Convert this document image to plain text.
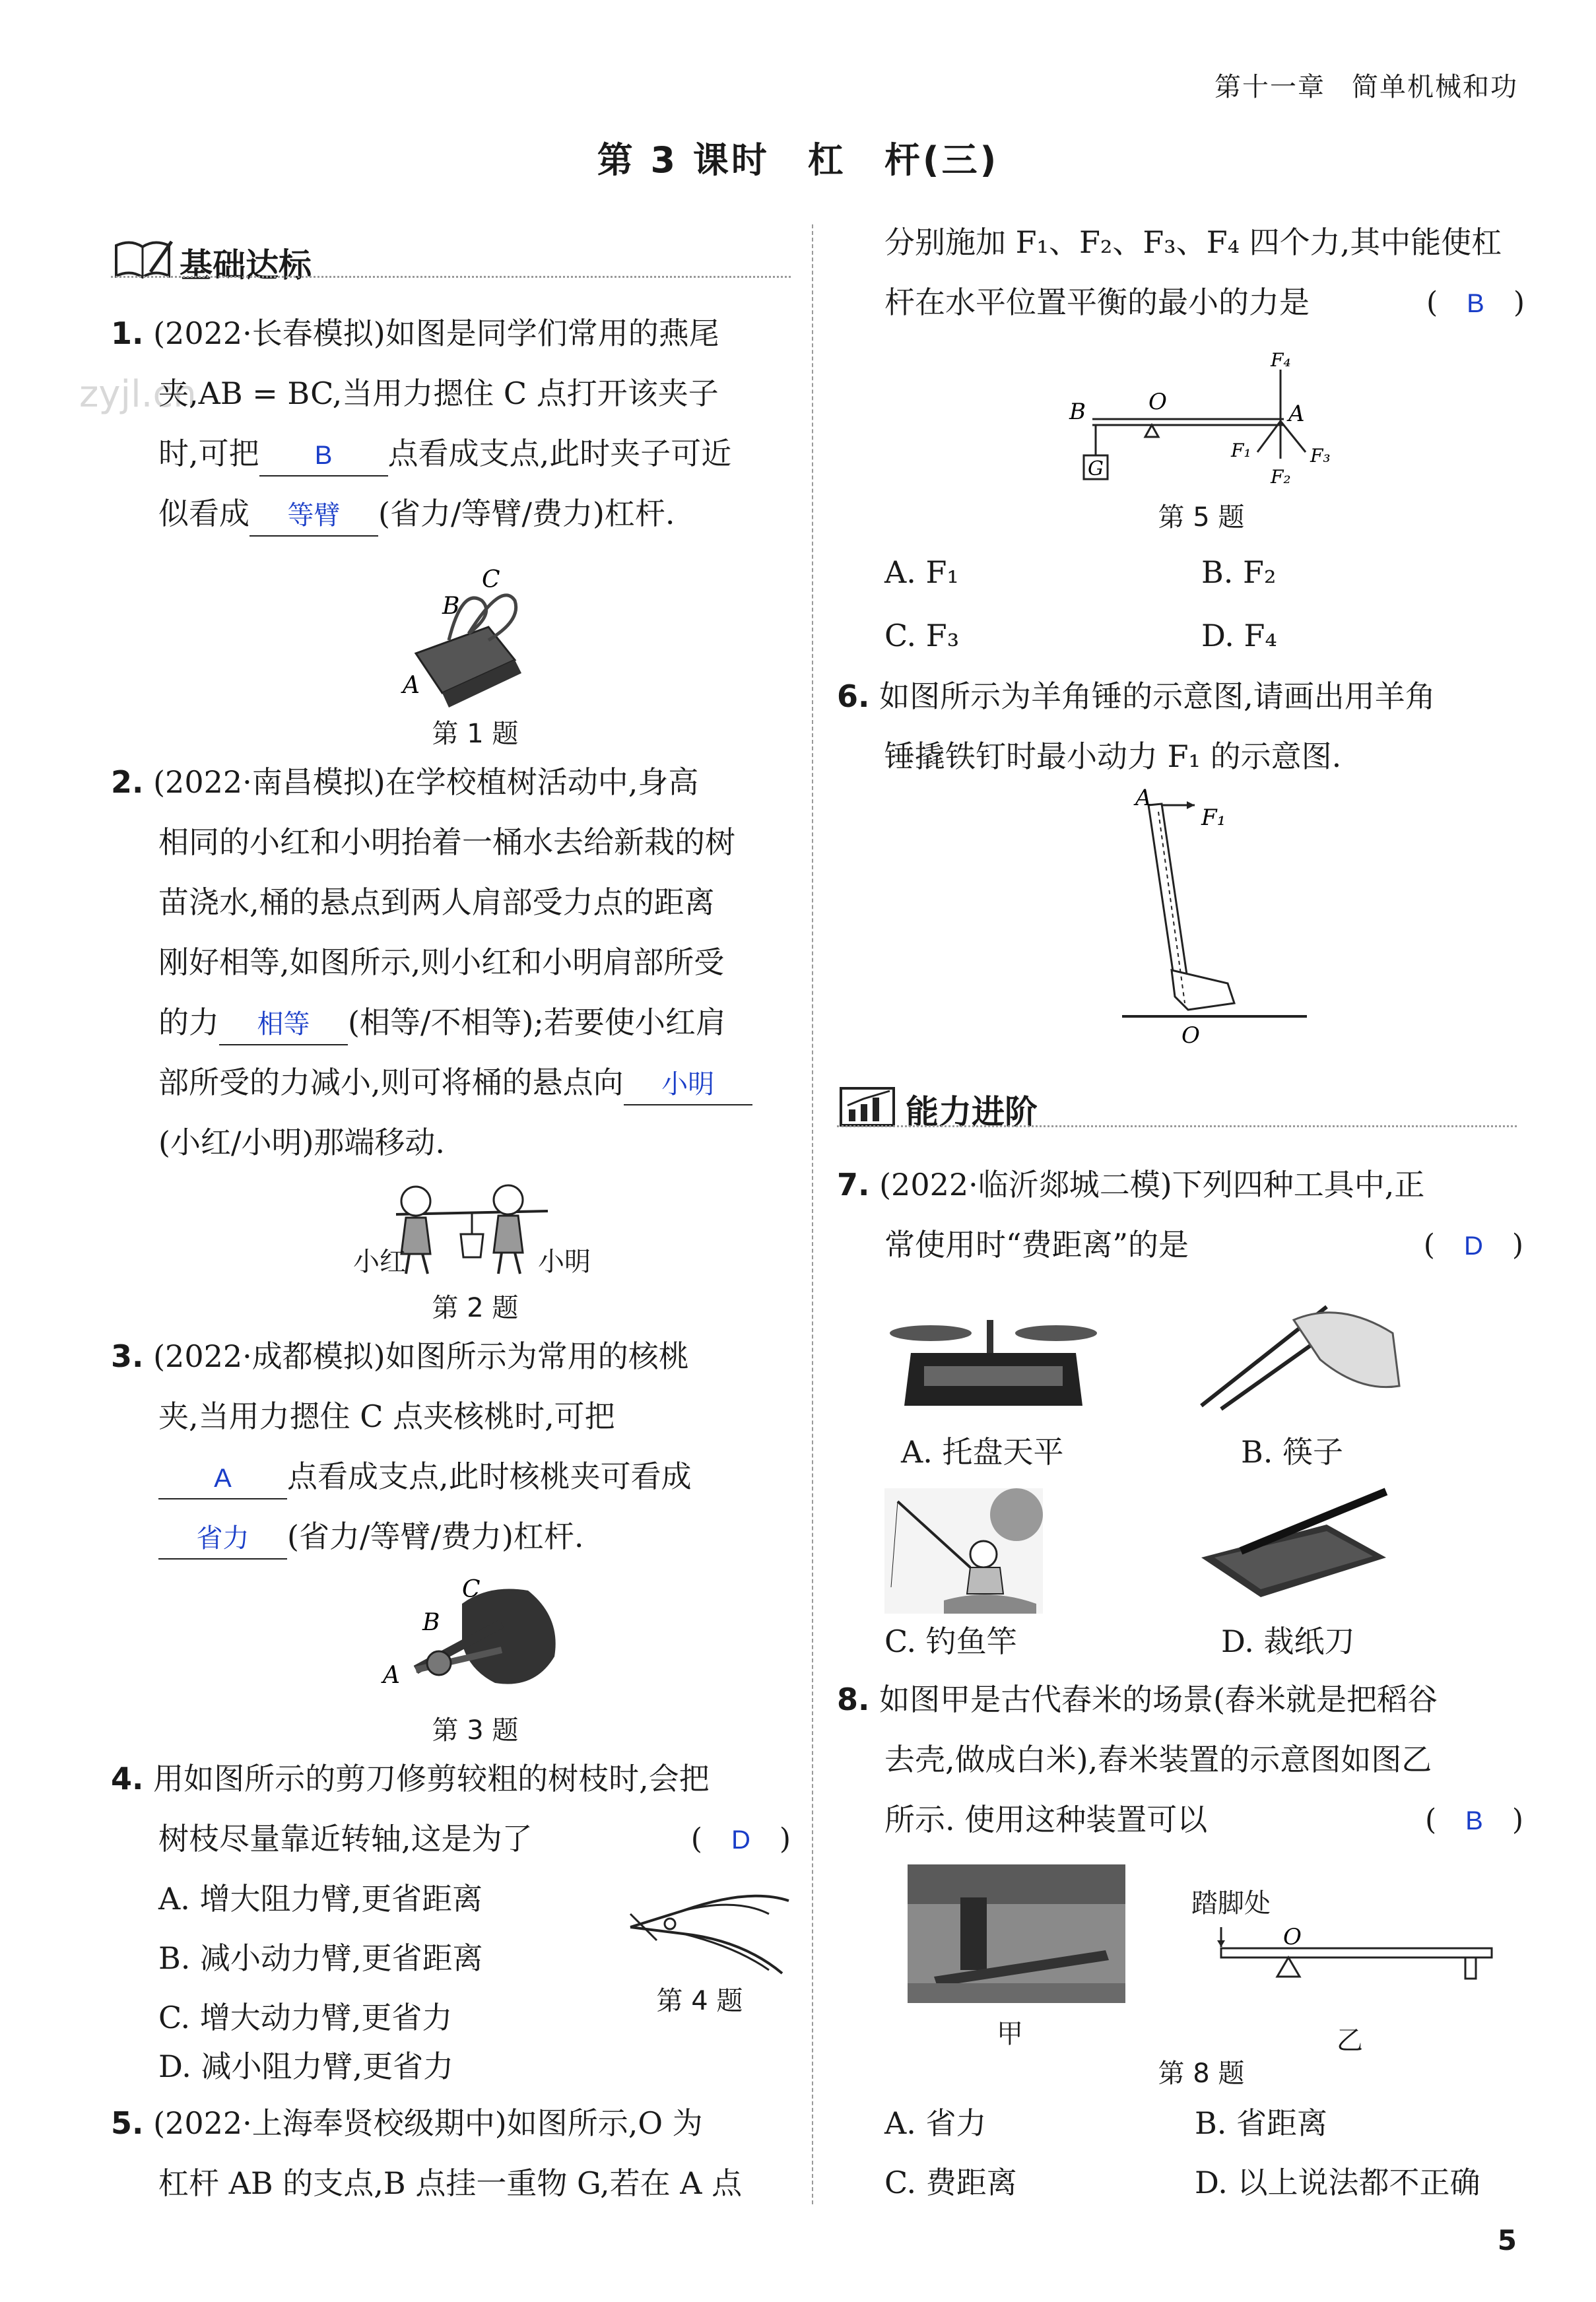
第十一章 简单机械和功
第 3 课时　杠　杆(三)
zyjl.cn
基础达标
1. (2022·长春模拟)如图是同学们常用的燕尾
夹,AB = BC,当用力摁住 C 点打开该夹子
时,可把 B 点看成支点,此时夹子可近
似看成 等臂 (省力/等臂/费力)杠杆.
C
B
A
第 1 题
2. (2022·南昌模拟)在学校植树活动中,身高
相同的小红和小明抬着一桶水去给新栽的树
苗浇水,桶的悬点到两人肩部受力点的距离
刚好相等,如图所示,则小红和小明肩部所受
的力 相等 (相等/不相等);若要使小红肩
部所受的力减小,则可将桶的悬点向 小明
(小红/小明)那端移动.
小红	小明
第 2 题
3. (2022·成都模拟)如图所示为常用的核桃
夹,当用力摁住 C 点夹核桃时,可把
A 点看成支点,此时核桃夹可看成
省力 (省力/等臂/费力)杠杆.
C
B
A
第 3 题
4. 用如图所示的剪刀修剪较粗的树枝时,会把
树枝尽量靠近转轴,这是为了	(　D　)
A. 增大阻力臂,更省距离
B. 减小动力臂,更省距离
C. 增大动力臂,更省力
D. 减小阻力臂,更省力
第 4 题
5. (2022·上海奉贤校级期中)如图所示,O 为
杠杆 AB 的支点,B 点挂一重物 G,若在 A 点
分别施加 F₁、F₂、F₃、F₄ 四个力,其中能使杠
杆在水平位置平衡的最小的力是	(　B　)
B	O	A
G
F₄
F₁
F₂
F₃
第 5 题
A. F₁	B. F₂
C. F₃	D. F₄
6. 如图所示为羊角锤的示意图,请画出用羊角
锤撬铁钉时最小动力 F₁ 的示意图.
A
F₁
O
能力进阶
7. (2022·临沂郯城二模)下列四种工具中,正
常使用时“费距离”的是	(　D　)
A. 托盘天平	B. 筷子
C. 钓鱼竿	D. 裁纸刀
8. 如图甲是古代舂米的场景(舂米就是把稻谷
去壳,做成白米),舂米装置的示意图如图乙
所示. 使用这种装置可以	(　B　)
甲
踏脚处
O
乙
第 8 题
A. 省力	B. 省距离
C. 费距离	D. 以上说法都不正确
5
